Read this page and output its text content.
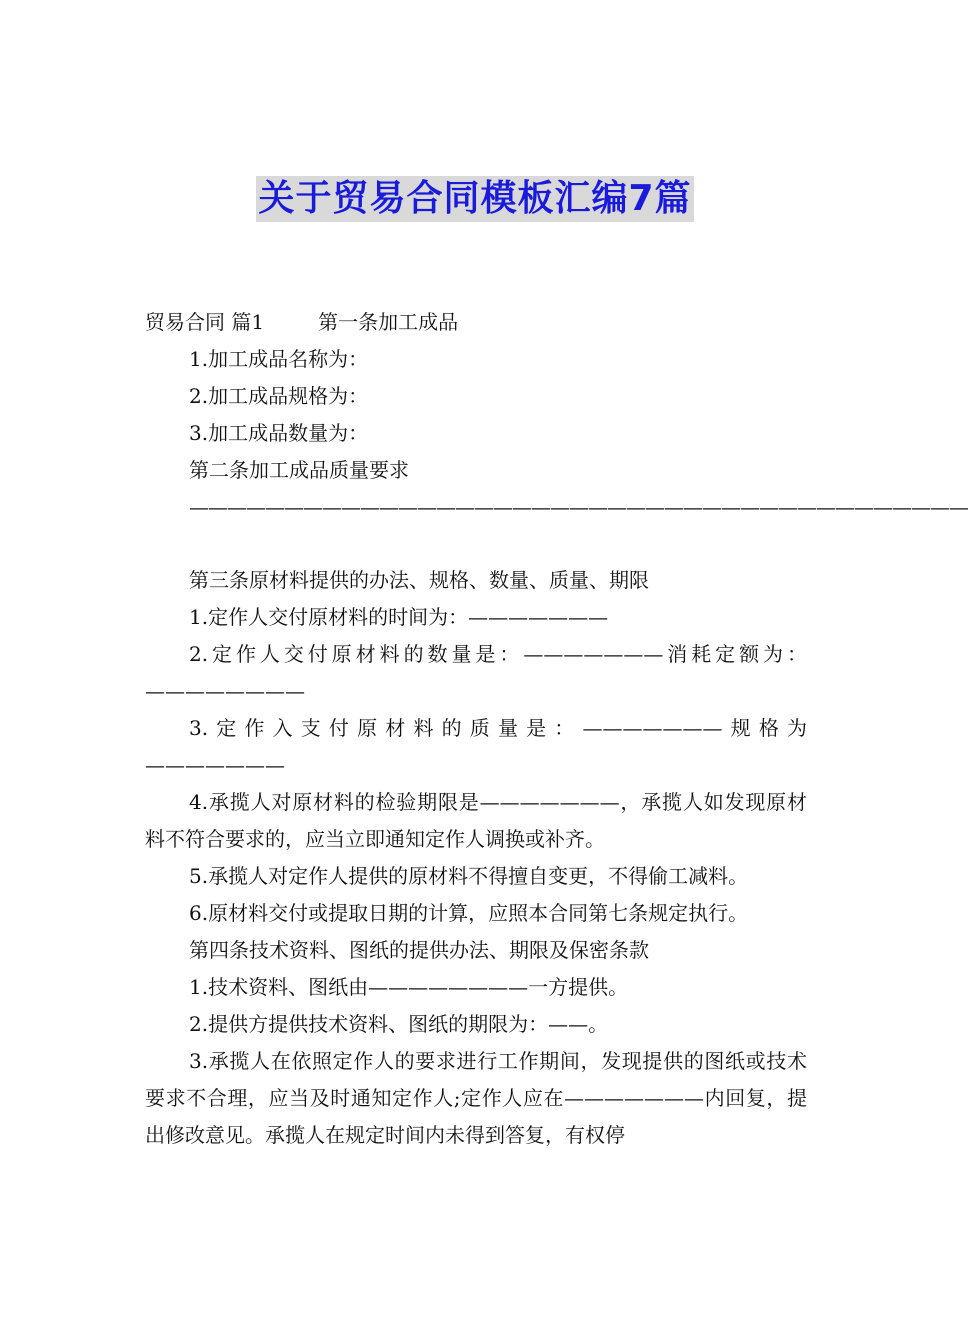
关于贸易合同模板汇编7篇

贸易合同 篇1	第一条加工成品

1.加工成品名称为：

2.加工成品规格为：

3.加工成品数量为：

第二条加工成品质量要求

—————————————————————————————————————————

第三条原材料提供的办法、规格、数量、质量、期限

1.定作人交付原材料的时间为：———————

2.定作人交付原材料的数量是：———————消耗定额为：————————

3.定作入支付原材料的质量是：———————规格为———————

4.承揽人对原材料的检验期限是———————，承揽人如发现原材料不符合要求的，应当立即通知定作人调换或补齐。

5.承揽人对定作人提供的原材料不得擅自变更，不得偷工减料。

6.原材料交付或提取日期的计算，应照本合同第七条规定执行。

第四条技术资料、图纸的提供办法、期限及保密条款

1.技术资料、图纸由————————一方提供。

2.提供方提供技术资料、图纸的期限为：——。

3.承揽人在依照定作人的要求进行工作期间，发现提供的图纸或技术要求不合理，应当及时通知定作人;定作人应在———————内回复，提出修改意见。承揽人在规定时间内未得到答复，有权停
